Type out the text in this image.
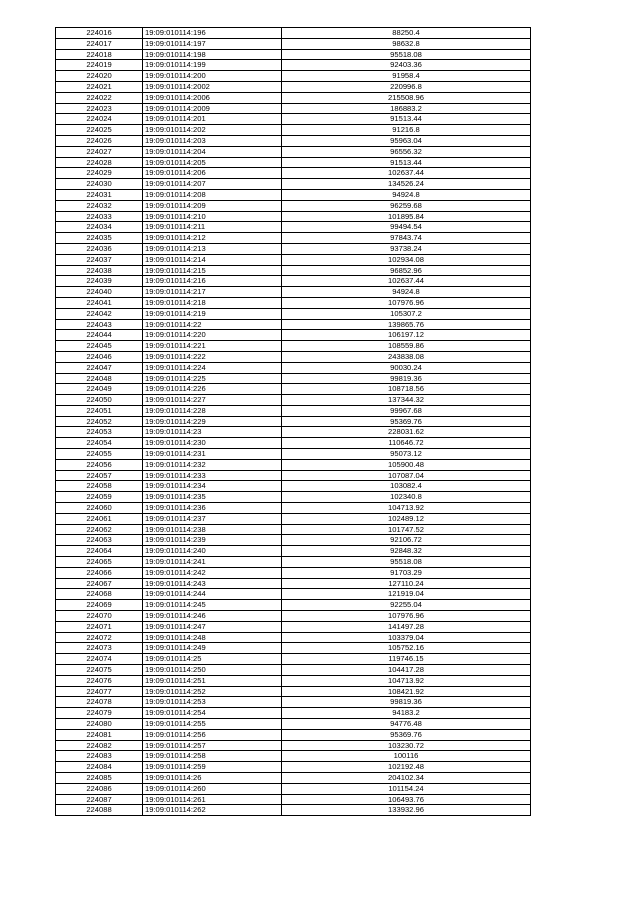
224016	19:09:010114:196	88250.4
224017	19:09:010114:197	98632.8
224018	19:09:010114:198	95518.08
224019	19:09:010114:199	92403.36
224020	19:09:010114:200	91958.4
224021	19:09:010114:2002	220996.8
224022	19:09:010114:2006	215508.96
224023	19:09:010114:2009	186883.2
224024	19:09:010114:201	91513.44
224025	19:09:010114:202	91216.8
224026	19:09:010114:203	95963.04
224027	19:09:010114:204	96556.32
224028	19:09:010114:205	91513.44
224029	19:09:010114:206	102637.44
224030	19:09:010114:207	134526.24
224031	19:09:010114:208	94924.8
224032	19:09:010114:209	96259.68
224033	19:09:010114:210	101895.84
224034	19:09:010114:211	99494.54
224035	19:09:010114:212	97843.74
224036	19:09:010114:213	93738.24
224037	19:09:010114:214	102934.08
224038	19:09:010114:215	96852.96
224039	19:09:010114:216	102637.44
224040	19:09:010114:217	94924.8
224041	19:09:010114:218	107976.96
224042	19:09:010114:219	105307.2
224043	19:09:010114:22	139865.76
224044	19:09:010114:220	106197.12
224045	19:09:010114:221	108559.86
224046	19:09:010114:222	243838.08
224047	19:09:010114:224	90030.24
224048	19:09:010114:225	99819.36
224049	19:09:010114:226	108718.56
224050	19:09:010114:227	137344.32
224051	19:09:010114:228	99967.68
224052	19:09:010114:229	95369.76
224053	19:09:010114:23	228031.62
224054	19:09:010114:230	110646.72
224055	19:09:010114:231	95073.12
224056	19:09:010114:232	105900.48
224057	19:09:010114:233	107087.04
224058	19:09:010114:234	103082.4
224059	19:09:010114:235	102340.8
224060	19:09:010114:236	104713.92
224061	19:09:010114:237	102489.12
224062	19:09:010114:238	101747.52
224063	19:09:010114:239	92106.72
224064	19:09:010114:240	92848.32
224065	19:09:010114:241	95518.08
224066	19:09:010114:242	91703.29
224067	19:09:010114:243	127110.24
224068	19:09:010114:244	121919.04
224069	19:09:010114:245	92255.04
224070	19:09:010114:246	107976.96
224071	19:09:010114:247	141497.28
224072	19:09:010114:248	103379.04
224073	19:09:010114:249	105752.16
224074	19:09:010114:25	119746.15
224075	19:09:010114:250	104417.28
224076	19:09:010114:251	104713.92
224077	19:09:010114:252	108421.92
224078	19:09:010114:253	99819.36
224079	19:09:010114:254	94183.2
224080	19:09:010114:255	94776.48
224081	19:09:010114:256	95369.76
224082	19:09:010114:257	103230.72
224083	19:09:010114:258	100116
224084	19:09:010114:259	102192.48
224085	19:09:010114:26	204102.34
224086	19:09:010114:260	101154.24
224087	19:09:010114:261	106493.76
224088	19:09:010114:262	133932.96
